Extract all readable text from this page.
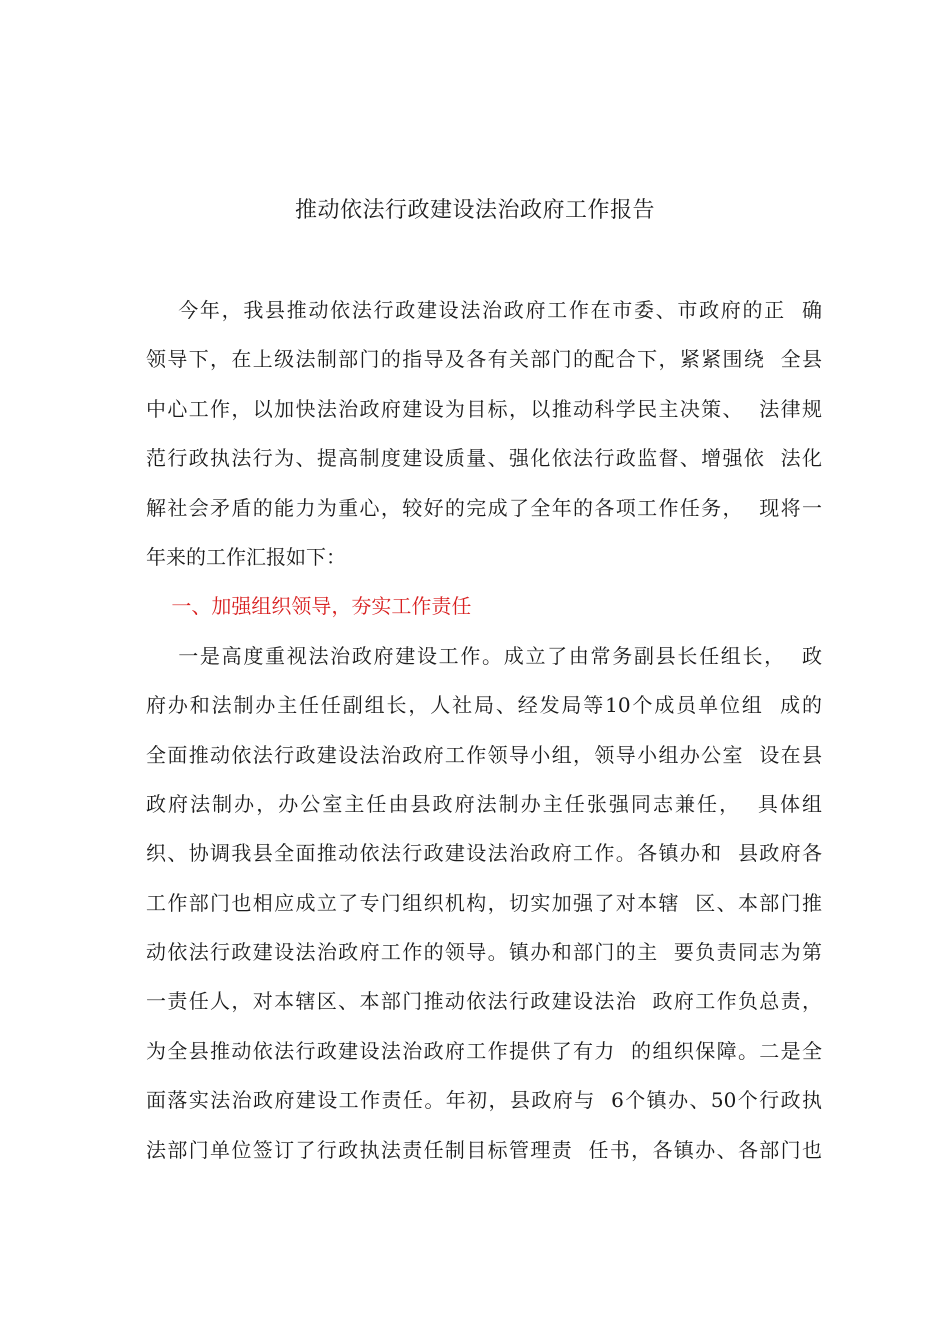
推动依法行政建设法治政府工作报告
今年，我县推动依法行政建设法治政府工作在市委、市政府的正  确
领导下，在上级法制部门的指导及各有关部门的配合下，紧紧围绕  全县
中心工作，以加快法治政府建设为目标，以推动科学民主决策、  法律规
范行政执法行为、提高制度建设质量、强化依法行政监督、增强依  法化
解社会矛盾的能力为重心，较好的完成了全年的各项工作任务，  现将一
年来的工作汇报如下：
一、加强组织领导，夯实工作责任
一是高度重视法治政府建设工作。成立了由常务副县长任组长，  政
府办和法制办主任任副组长，人社局、经发局等10个成员单位组  成的
全面推动依法行政建设法治政府工作领导小组，领导小组办公室  设在县
政府法制办，办公室主任由县政府法制办主任张强同志兼任，  具体组
织、协调我县全面推动依法行政建设法治政府工作。各镇办和  县政府各
工作部门也相应成立了专门组织机构，切实加强了对本辖  区、本部门推
动依法行政建设法治政府工作的领导。镇办和部门的主  要负责同志为第
一责任人，对本辖区、本部门推动依法行政建设法治  政府工作负总责，
为全县推动依法行政建设法治政府工作提供了有力  的组织保障。二是全
面落实法治政府建设工作责任。年初，县政府与  6个镇办、50个行政执
法部门单位签订了行政执法责任制目标管理责  任书，各镇办、各部门也
